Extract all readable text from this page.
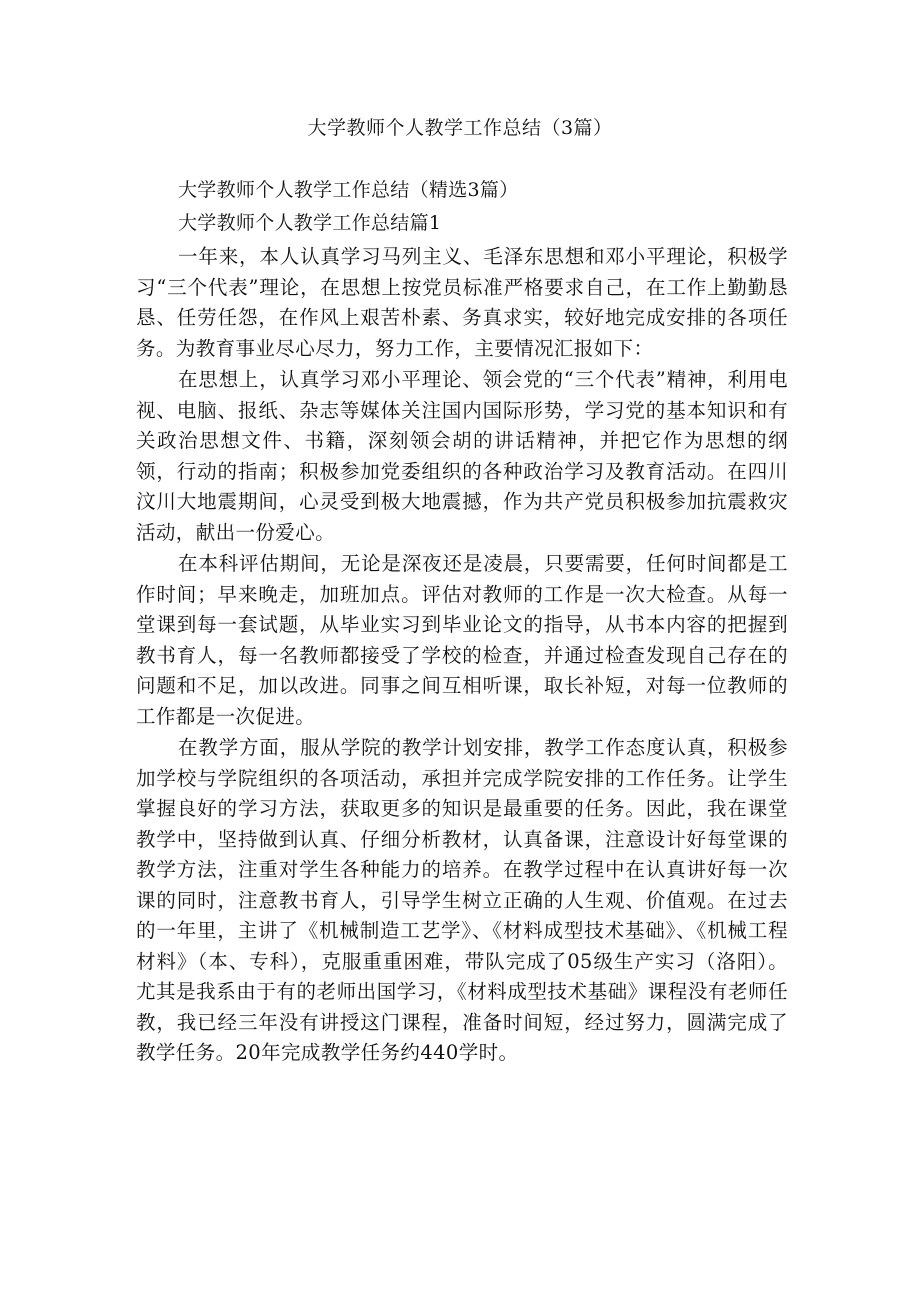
大学教师个人教学工作总结（3篇）
大学教师个人教学工作总结（精选3篇）
大学教师个人教学工作总结篇1

一年来，本人认真学习马列主义、毛泽东思想和邓小平理论，积极学习“三个代表”理论，在思想上按党员标准严格要求自己，在工作上勤勤恳恳、任劳任怨，在作风上艰苦朴素、务真求实，较好地完成安排的各项任务。为教育事业尽心尽力，努力工作，主要情况汇报如下：

在思想上，认真学习邓小平理论、领会党的“三个代表”精神，利用电视、电脑、报纸、杂志等媒体关注国内国际形势，学习党的基本知识和有关政治思想文件、书籍，深刻领会胡的讲话精神，并把它作为思想的纲领，行动的指南；积极参加党委组织的各种政治学习及教育活动。在四川汶川大地震期间，心灵受到极大地震撼，作为共产党员积极参加抗震救灾活动，献出一份爱心。

在本科评估期间，无论是深夜还是凌晨，只要需要，任何时间都是工作时间；早来晚走，加班加点。评估对教师的工作是一次大检查。从每一堂课到每一套试题，从毕业实习到毕业论文的指导，从书本内容的把握到教书育人，每一名教师都接受了学校的检查，并通过检查发现自己存在的问题和不足，加以改进。同事之间互相听课，取长补短，对每一位教师的工作都是一次促进。

在教学方面，服从学院的教学计划安排，教学工作态度认真，积极参加学校与学院组织的各项活动，承担并完成学院安排的工作任务。让学生掌握良好的学习方法，获取更多的知识是最重要的任务。因此，我在课堂教学中，坚持做到认真、仔细分析教材，认真备课，注意设计好每堂课的教学方法，注重对学生各种能力的培养。在教学过程中在认真讲好每一次课的同时，注意教书育人，引导学生树立正确的人生观、价值观。在过去的一年里，主讲了《机械制造工艺学》、《材料成型技术基础》、《机械工程材料》（本、专科），克服重重困难，带队完成了05级生产实习（洛阳）。尤其是我系由于有的老师出国学习，《材料成型技术基础》课程没有老师任教，我已经三年没有讲授这门课程，准备时间短，经过努力，圆满完成了教学任务。20年完成教学任务约440学时。
